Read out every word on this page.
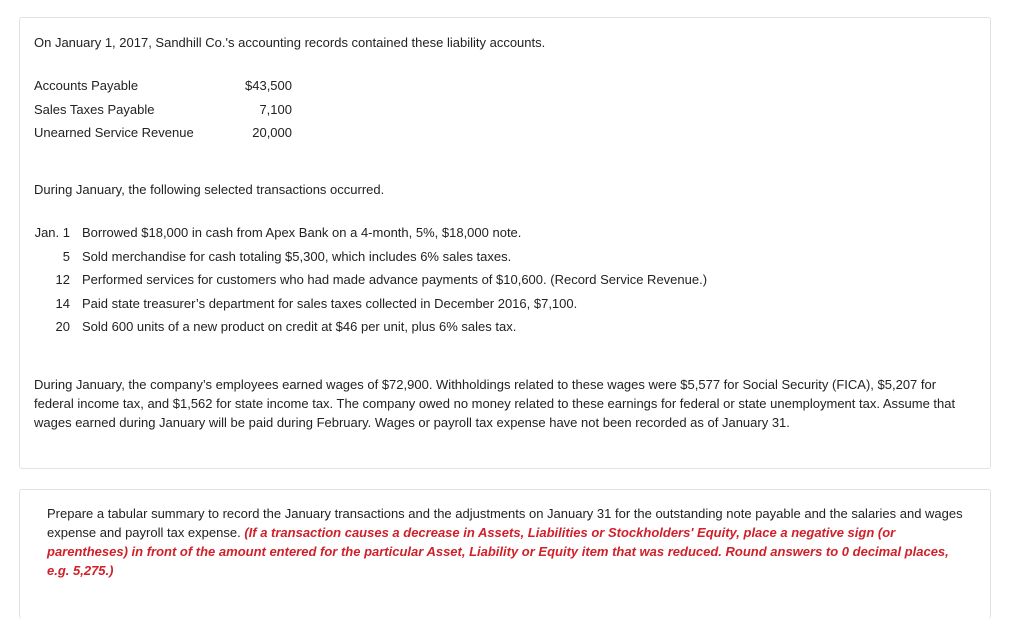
On January 1, 2017, Sandhill Co.'s accounting records contained these liability accounts.

Accounts Payable	$43,500
Sales Taxes Payable	7,100
Unearned Service Revenue	20,000

During January, the following selected transactions occurred.

Jan. 1 Borrowed $18,000 in cash from Apex Bank on a 4-month, 5%, $18,000 note.
5 Sold merchandise for cash totaling $5,300, which includes 6% sales taxes.
12 Performed services for customers who had made advance payments of $10,600. (Record Service Revenue.)
14 Paid state treasurer’s department for sales taxes collected in December 2016, $7,100.
20 Sold 600 units of a new product on credit at $46 per unit, plus 6% sales tax.

During January, the company’s employees earned wages of $72,900. Withholdings related to these wages were $5,577 for Social Security (FICA), $5,207 for federal income tax, and $1,562 for state income tax. The company owed no money related to these earnings for federal or state unemployment tax. Assume that wages earned during January will be paid during February. Wages or payroll tax expense have not been recorded as of January 31.

Prepare a tabular summary to record the January transactions and the adjustments on January 31 for the outstanding note payable and the salaries and wages expense and payroll tax expense. (If a transaction causes a decrease in Assets, Liabilities or Stockholders' Equity, place a negative sign (or parentheses) in front of the amount entered for the particular Asset, Liability or Equity item that was reduced. Round answers to 0 decimal places, e.g. 5,275.)
